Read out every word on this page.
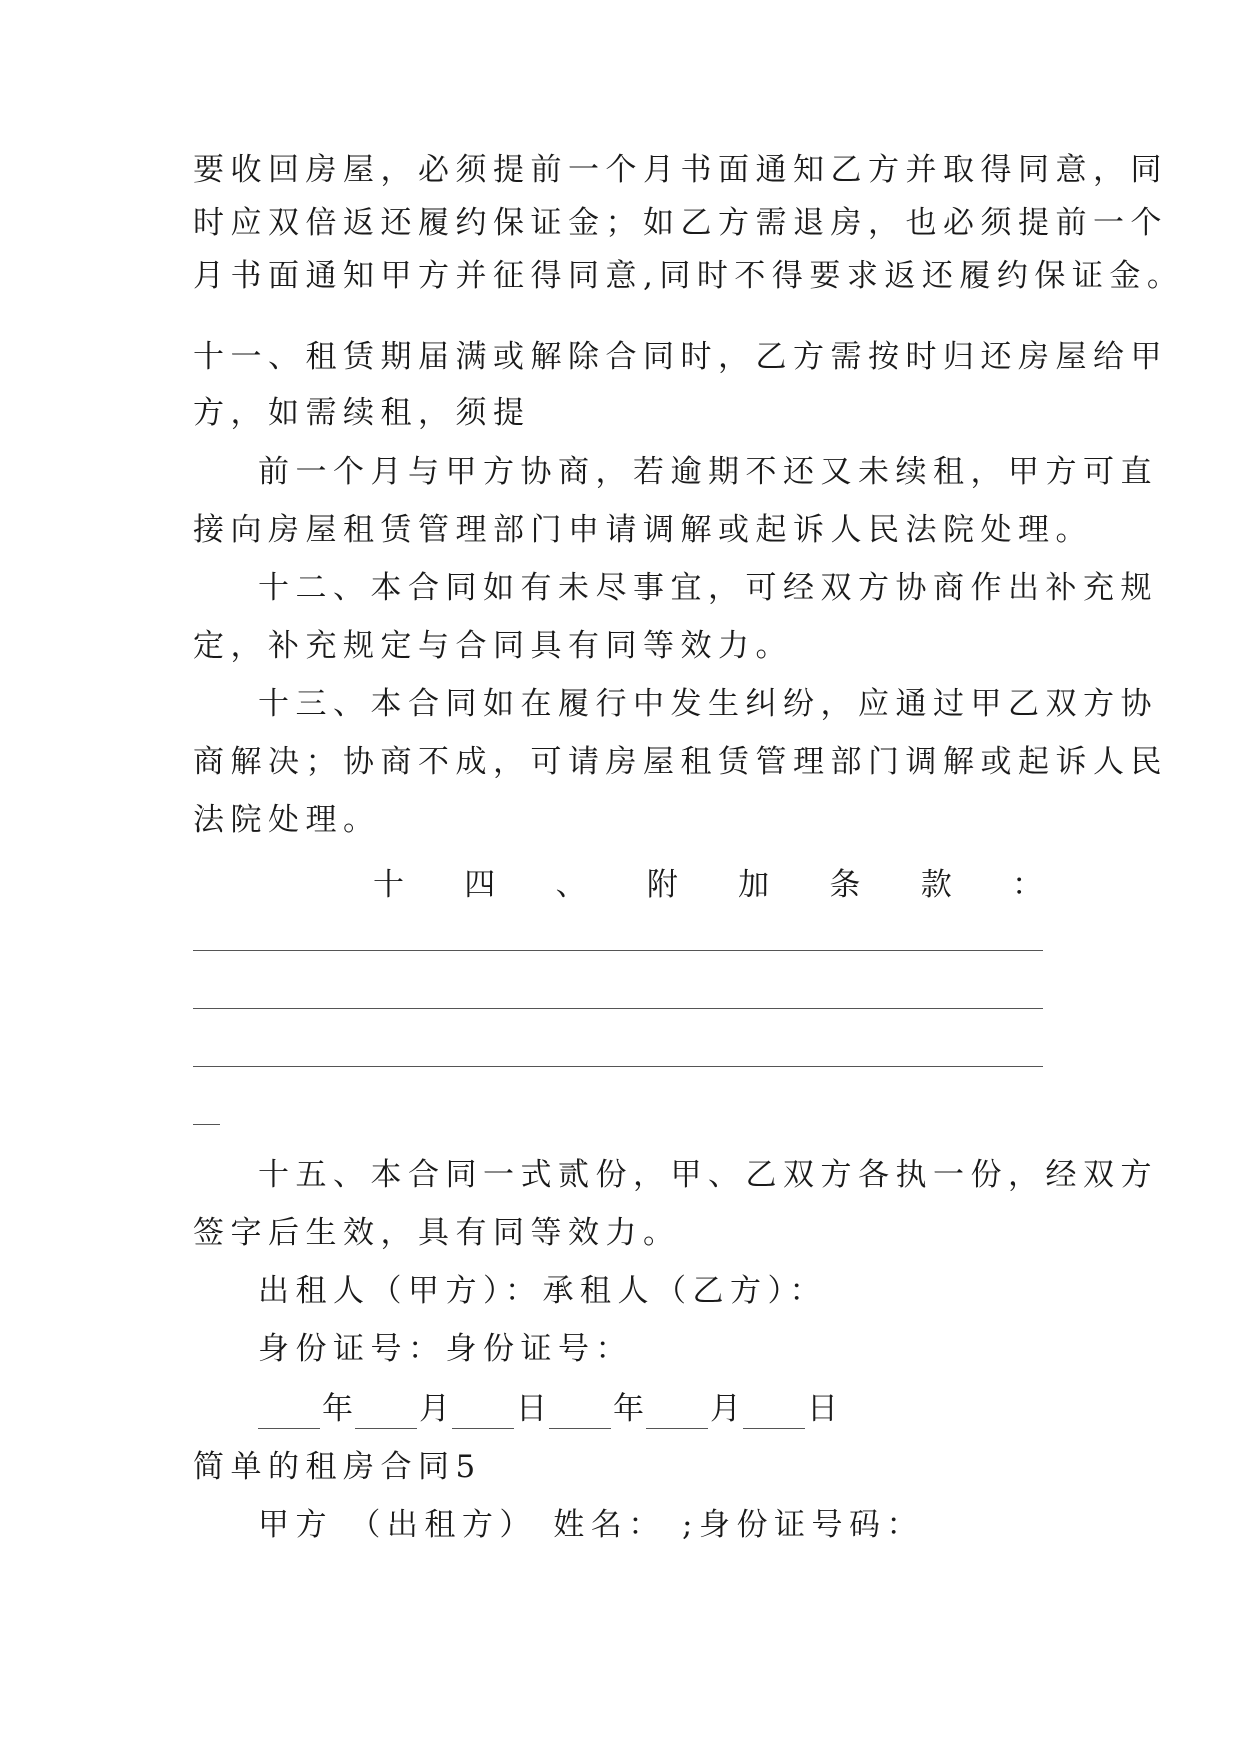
要收回房屋，必须提前一个月书面通知乙方并取得同意，同
时应双倍返还履约保证金；如乙方需退房，也必须提前一个
月书面通知甲方并征得同意,同时不得要求返还履约保证金。
十一、租赁期届满或解除合同时，乙方需按时归还房屋给甲
方，如需续租，须提
前一个月与甲方协商，若逾期不还又未续租，甲方可直
接向房屋租赁管理部门申请调解或起诉人民法院处理。
十二、本合同如有未尽事宜，可经双方协商作出补充规
定，补充规定与合同具有同等效力。
十三、本合同如在履行中发生纠纷，应通过甲乙双方协
商解决；协商不成，可请房屋租赁管理部门调解或起诉人民
法院处理。
十 四 、 附 加 条 款 ：
十五、本合同一式贰份，甲、乙双方各执一份，经双方
签字后生效，具有同等效力。
出租人（甲方）：承租人（乙方）：
身份证号：身份证号：
年 月 日 年 月 日
简单的租房合同5
甲方 （出租方） 姓名： ;身份证号码：
